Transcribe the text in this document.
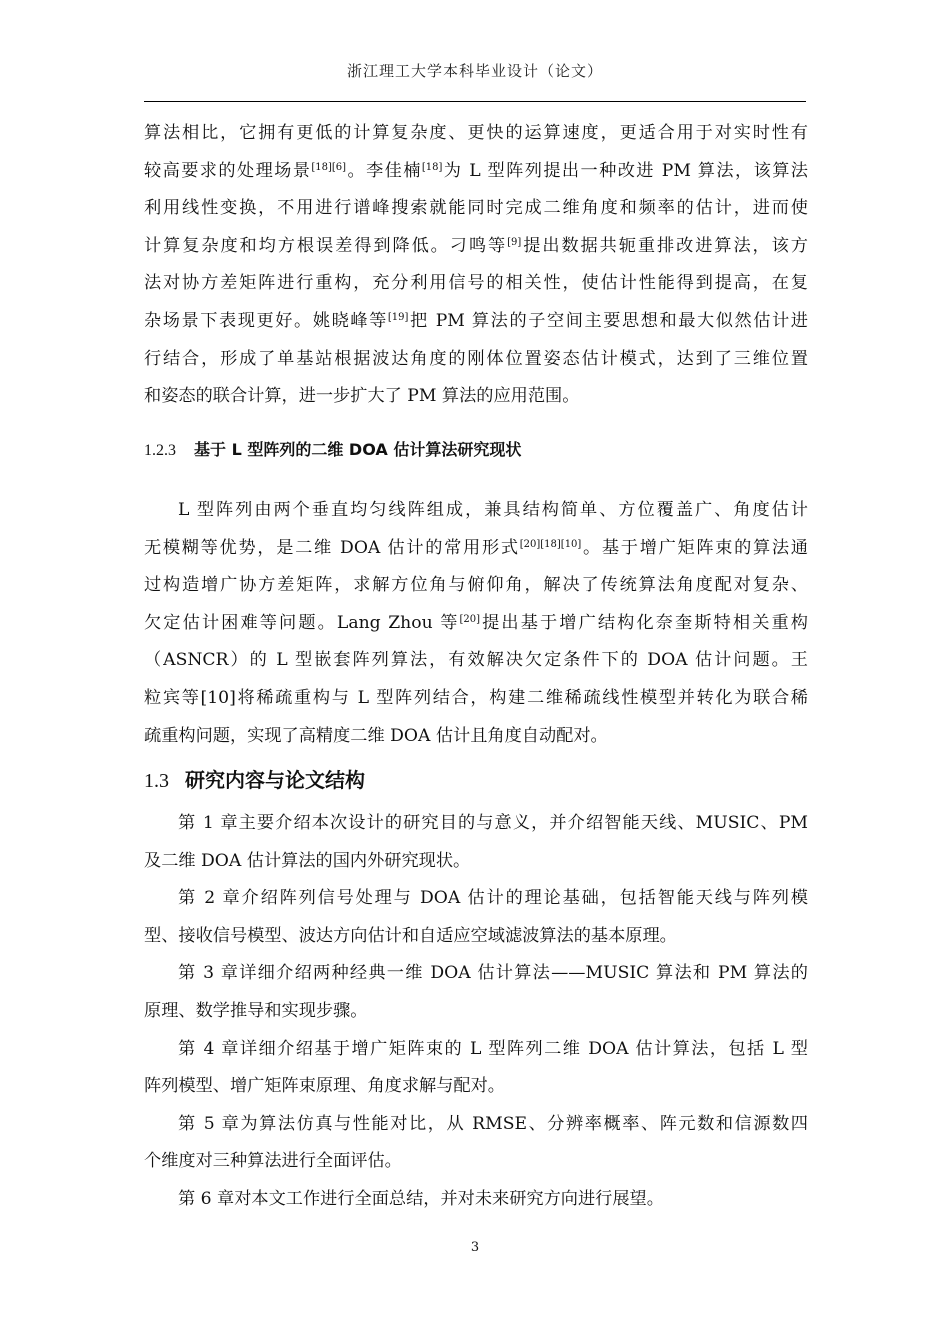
浙江理工大学本科毕业设计（论文）
算法相比，它拥有更低的计算复杂度、更快的运算速度，更适合用于对实时性有
较高要求的处理场景[18][6]。李佳楠[18]为 L 型阵列提出一种改进 PM 算法，该算法
利用线性变换，不用进行谱峰搜索就能同时完成二维角度和频率的估计，进而使
计算复杂度和均方根误差得到降低。刁鸣等[9]提出数据共轭重排改进算法，该方
法对协方差矩阵进行重构，充分利用信号的相关性，使估计性能得到提高，在复
杂场景下表现更好。姚晓峰等[19]把 PM 算法的子空间主要思想和最大似然估计进
行结合，形成了单基站根据波达角度的刚体位置姿态估计模式，达到了三维位置
和姿态的联合计算，进一步扩大了 PM 算法的应用范围。
1.2.3 基于 L 型阵列的二维 DOA 估计算法研究现状
L 型阵列由两个垂直均匀线阵组成，兼具结构简单、方位覆盖广、角度估计
无模糊等优势，是二维 DOA 估计的常用形式[20][18][10]。基于增广矩阵束的算法通
过构造增广协方差矩阵，求解方位角与俯仰角，解决了传统算法角度配对复杂、
欠定估计困难等问题。Lang Zhou 等[20]提出基于增广结构化奈奎斯特相关重构
（ASNCR）的 L 型嵌套阵列算法，有效解决欠定条件下的 DOA 估计问题。王
粒宾等[10]将稀疏重构与 L 型阵列结合，构建二维稀疏线性模型并转化为联合稀
疏重构问题，实现了高精度二维 DOA 估计且角度自动配对。
1.3 研究内容与论文结构
第 1 章主要介绍本次设计的研究目的与意义，并介绍智能天线、MUSIC、PM
及二维 DOA 估计算法的国内外研究现状。
第 2 章介绍阵列信号处理与 DOA 估计的理论基础，包括智能天线与阵列模
型、接收信号模型、波达方向估计和自适应空域滤波算法的基本原理。
第 3 章详细介绍两种经典一维 DOA 估计算法——MUSIC 算法和 PM 算法的
原理、数学推导和实现步骤。
第 4 章详细介绍基于增广矩阵束的 L 型阵列二维 DOA 估计算法，包括 L 型
阵列模型、增广矩阵束原理、角度求解与配对。
第 5 章为算法仿真与性能对比，从 RMSE、分辨率概率、阵元数和信源数四
个维度对三种算法进行全面评估。
第 6 章对本文工作进行全面总结，并对未来研究方向进行展望。
3
